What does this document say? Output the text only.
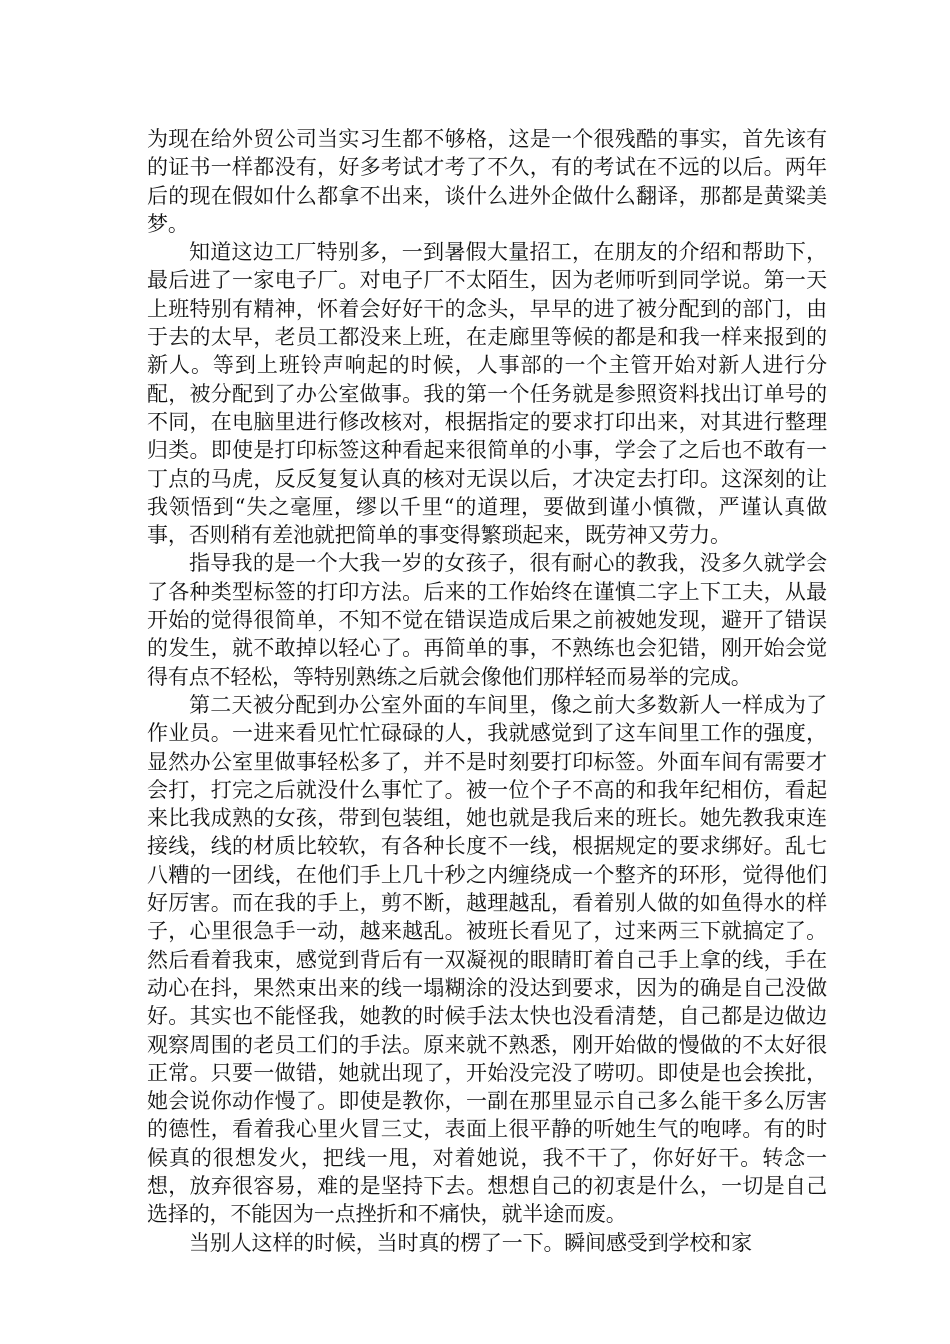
为现在给外贸公司当实习生都不够格，这是一个很残酷的事实，首先该有的证书一样都没有，好多考试才考了不久，有的考试在不远的以后。两年后的现在假如什么都拿不出来，谈什么进外企做什么翻译，那都是黄粱美梦。

知道这边工厂特别多，一到暑假大量招工，在朋友的介绍和帮助下，最后进了一家电子厂。对电子厂不太陌生，因为老师听到同学说。第一天上班特别有精神，怀着会好好干的念头，早早的进了被分配到的部门，由于去的太早，老员工都没来上班，在走廊里等候的都是和我一样来报到的新人。等到上班铃声响起的时候，人事部的一个主管开始对新人进行分配，被分配到了办公室做事。我的第一个任务就是参照资料找出订单号的不同，在电脑里进行修改核对，根据指定的要求打印出来，对其进行整理归类。即使是打印标签这种看起来很简单的小事，学会了之后也不敢有一丁点的马虎，反反复复认真的核对无误以后，才决定去打印。这深刻的让我领悟到“失之毫厘，缪以千里“的道理，要做到谨小慎微，严谨认真做事，否则稍有差池就把简单的事变得繁琐起来，既劳神又劳力。

指导我的是一个大我一岁的女孩子，很有耐心的教我，没多久就学会了各种类型标签的打印方法。后来的工作始终在谨慎二字上下工夫，从最开始的觉得很简单，不知不觉在错误造成后果之前被她发现，避开了错误的发生，就不敢掉以轻心了。再简单的事，不熟练也会犯错，刚开始会觉得有点不轻松，等特别熟练之后就会像他们那样轻而易举的完成。

第二天被分配到办公室外面的车间里，像之前大多数新人一样成为了作业员。一进来看见忙忙碌碌的人，我就感觉到了这车间里工作的强度，显然办公室里做事轻松多了，并不是时刻要打印标签。外面车间有需要才会打，打完之后就没什么事忙了。被一位个子不高的和我年纪相仿，看起来比我成熟的女孩，带到包装组，她也就是我后来的班长。她先教我束连接线，线的材质比较软，有各种长度不一线，根据规定的要求绑好。乱七八糟的一团线，在他们手上几十秒之内缠绕成一个整齐的环形，觉得他们好厉害。而在我的手上，剪不断，越理越乱，看着别人做的如鱼得水的样子，心里很急手一动，越来越乱。被班长看见了，过来两三下就搞定了。然后看着我束，感觉到背后有一双凝视的眼睛盯着自己手上拿的线，手在动心在抖，果然束出来的线一塌糊涂的没达到要求，因为的确是自己没做好。其实也不能怪我，她教的时候手法太快也没看清楚，自己都是边做边观察周围的老员工们的手法。原来就不熟悉，刚开始做的慢做的不太好很正常。只要一做错，她就出现了，开始没完没了唠叨。即使是也会挨批，她会说你动作慢了。即使是教你，一副在那里显示自己多么能干多么厉害的德性，看着我心里火冒三丈，表面上很平静的听她生气的咆哮。有的时候真的很想发火，把线一甩，对着她说，我不干了，你好好干。转念一想，放弃很容易，难的是坚持下去。想想自己的初衷是什么，一切是自己选择的，不能因为一点挫折和不痛快，就半途而废。

当别人这样的时候，当时真的楞了一下。瞬间感受到学校和家
